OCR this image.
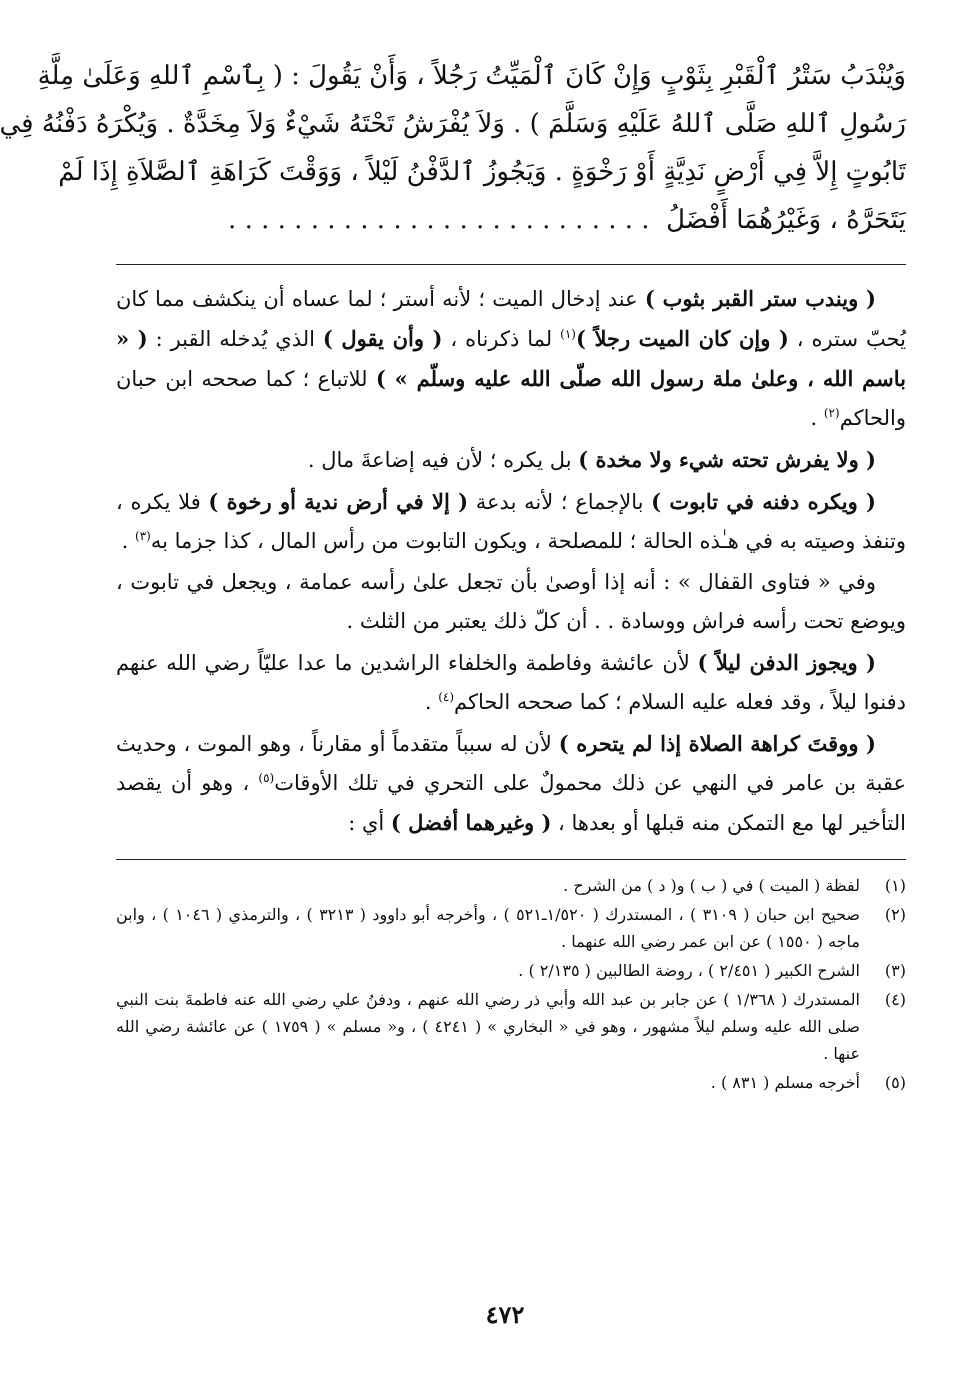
وَيُنْدَبُ سَتْرُ ٱلْقَبْرِ بِثَوْبٍ وَإِنْ كَانَ ٱلْمَيِّتُ رَجُلاً ، وَأَنْ يَقُولَ : ( بِٱسْمِ ٱللهِ وَعَلَىٰ مِلَّةِ
رَسُولِ ٱللهِ صَلَّى ٱللهُ عَلَيْهِ وَسَلَّمَ ) . وَلاَ يُفْرَشُ تَحْتَهُ شَيْءٌ وَلاَ مِخَدَّةٌ . وَيُكْرَهُ دَفْنُهُ فِي
تَابُوتٍ إِلاَّ فِي أَرْضٍ نَدِيَّةٍ أَوْ رَخْوَةٍ . وَيَجُوزُ ٱلدَّفْنُ لَيْلاً ، وَوَقْتَ كَرَاهَةِ ٱلصَّلاَةِ إِذَا لَمْ
يَتَحَرَّهُ ، وَغَيْرُهُمَا أَفْضَلُ  . . . . . . . . . . . . . . . . . . . . . . . . . .

( ويندب ستر القبر بثوب ) عند إدخال الميت ؛ لأنه أستر ؛ لما عساه أن ينكشف مما كان يُحبّ ستره ، ( وإن كان الميت رجلاً )$^{(١)}$ لما ذكرناه ، ( وأن يقول ) الذي يُدخله القبر : ( « باسم الله ، وعلىٰ ملة رسول الله صلّى الله عليه وسلّم » ) للاتباع ؛ كما صححه ابن حبان والحاكم$^{(٢)}$ .

( ولا يفرش تحته شيء ولا مخدة ) بل يكره ؛ لأن فيه إضاعةَ مال .

( ويكره دفنه في تابوت ) بالإجماع ؛ لأنه بدعة ( إلا في أرض ندية أو رخوة ) فلا يكره ، وتنفذ وصيته به في هـٰذه الحالة ؛ للمصلحة ، ويكون التابوت من رأس المال ، كذا جزما به$^{(٣)}$ .

وفي « فتاوى القفال » : أنه إذا أوصىٰ بأن تجعل علىٰ رأسه عمامة ، ويجعل في تابوت ، ويوضع تحت رأسه فراش ووسادة . . أن كلّ ذلك يعتبر من الثلث .

( ويجوز الدفن ليلاً ) لأن عائشة وفاطمة والخلفاء الراشدين ما عدا عليّاً رضي الله عنهم دفنوا ليلاً ، وقد فعله عليه السلام ؛ كما صححه الحاكم$^{(٤)}$ .

( ووقتَ كراهة الصلاة إذا لم يتحره ) لأن له سبباً متقدماً أو مقارناً ، وهو الموت ، وحديث عقبة بن عامر في النهي عن ذلك محمولٌ على التحري في تلك الأوقات$^{(٥)}$ ، وهو أن يقصد التأخير لها مع التمكن منه قبلها أو بعدها ، ( وغيرهما أفضل ) أي :

(١)
لفظة ( الميت ) في ( ب ) و( د ) من الشرح .
(٢)
صحيح ابن حبان ( ٣١٠٩ ) ، المستدرك ( ١/٥٢٠ـ٥٢١ ) ، وأخرجه أبو داوود ( ٣٢١٣ ) ، والترمذي ( ١٠٤٦ ) ، وابن ماجه ( ١٥٥٠ ) عن ابن عمر رضي الله عنهما .
(٣)
الشرح الكبير ( ٢/٤٥١ ) ، روضة الطالبين ( ٢/١٣٥ ) .
(٤)
المستدرك ( ١/٣٦٨ ) عن جابر بن عبد الله وأبي ذر رضي الله عنهم ، ودفنُ علي رضي الله عنه فاطمةَ بنت النبي صلى الله عليه وسلم ليلاً مشهور ، وهو في « البخاري » ( ٤٢٤١ ) ، و« مسلم » ( ١٧٥٩ ) عن عائشة رضي الله عنها .
(٥)
أخرجه مسلم ( ٨٣١ ) .
٤٧٢
